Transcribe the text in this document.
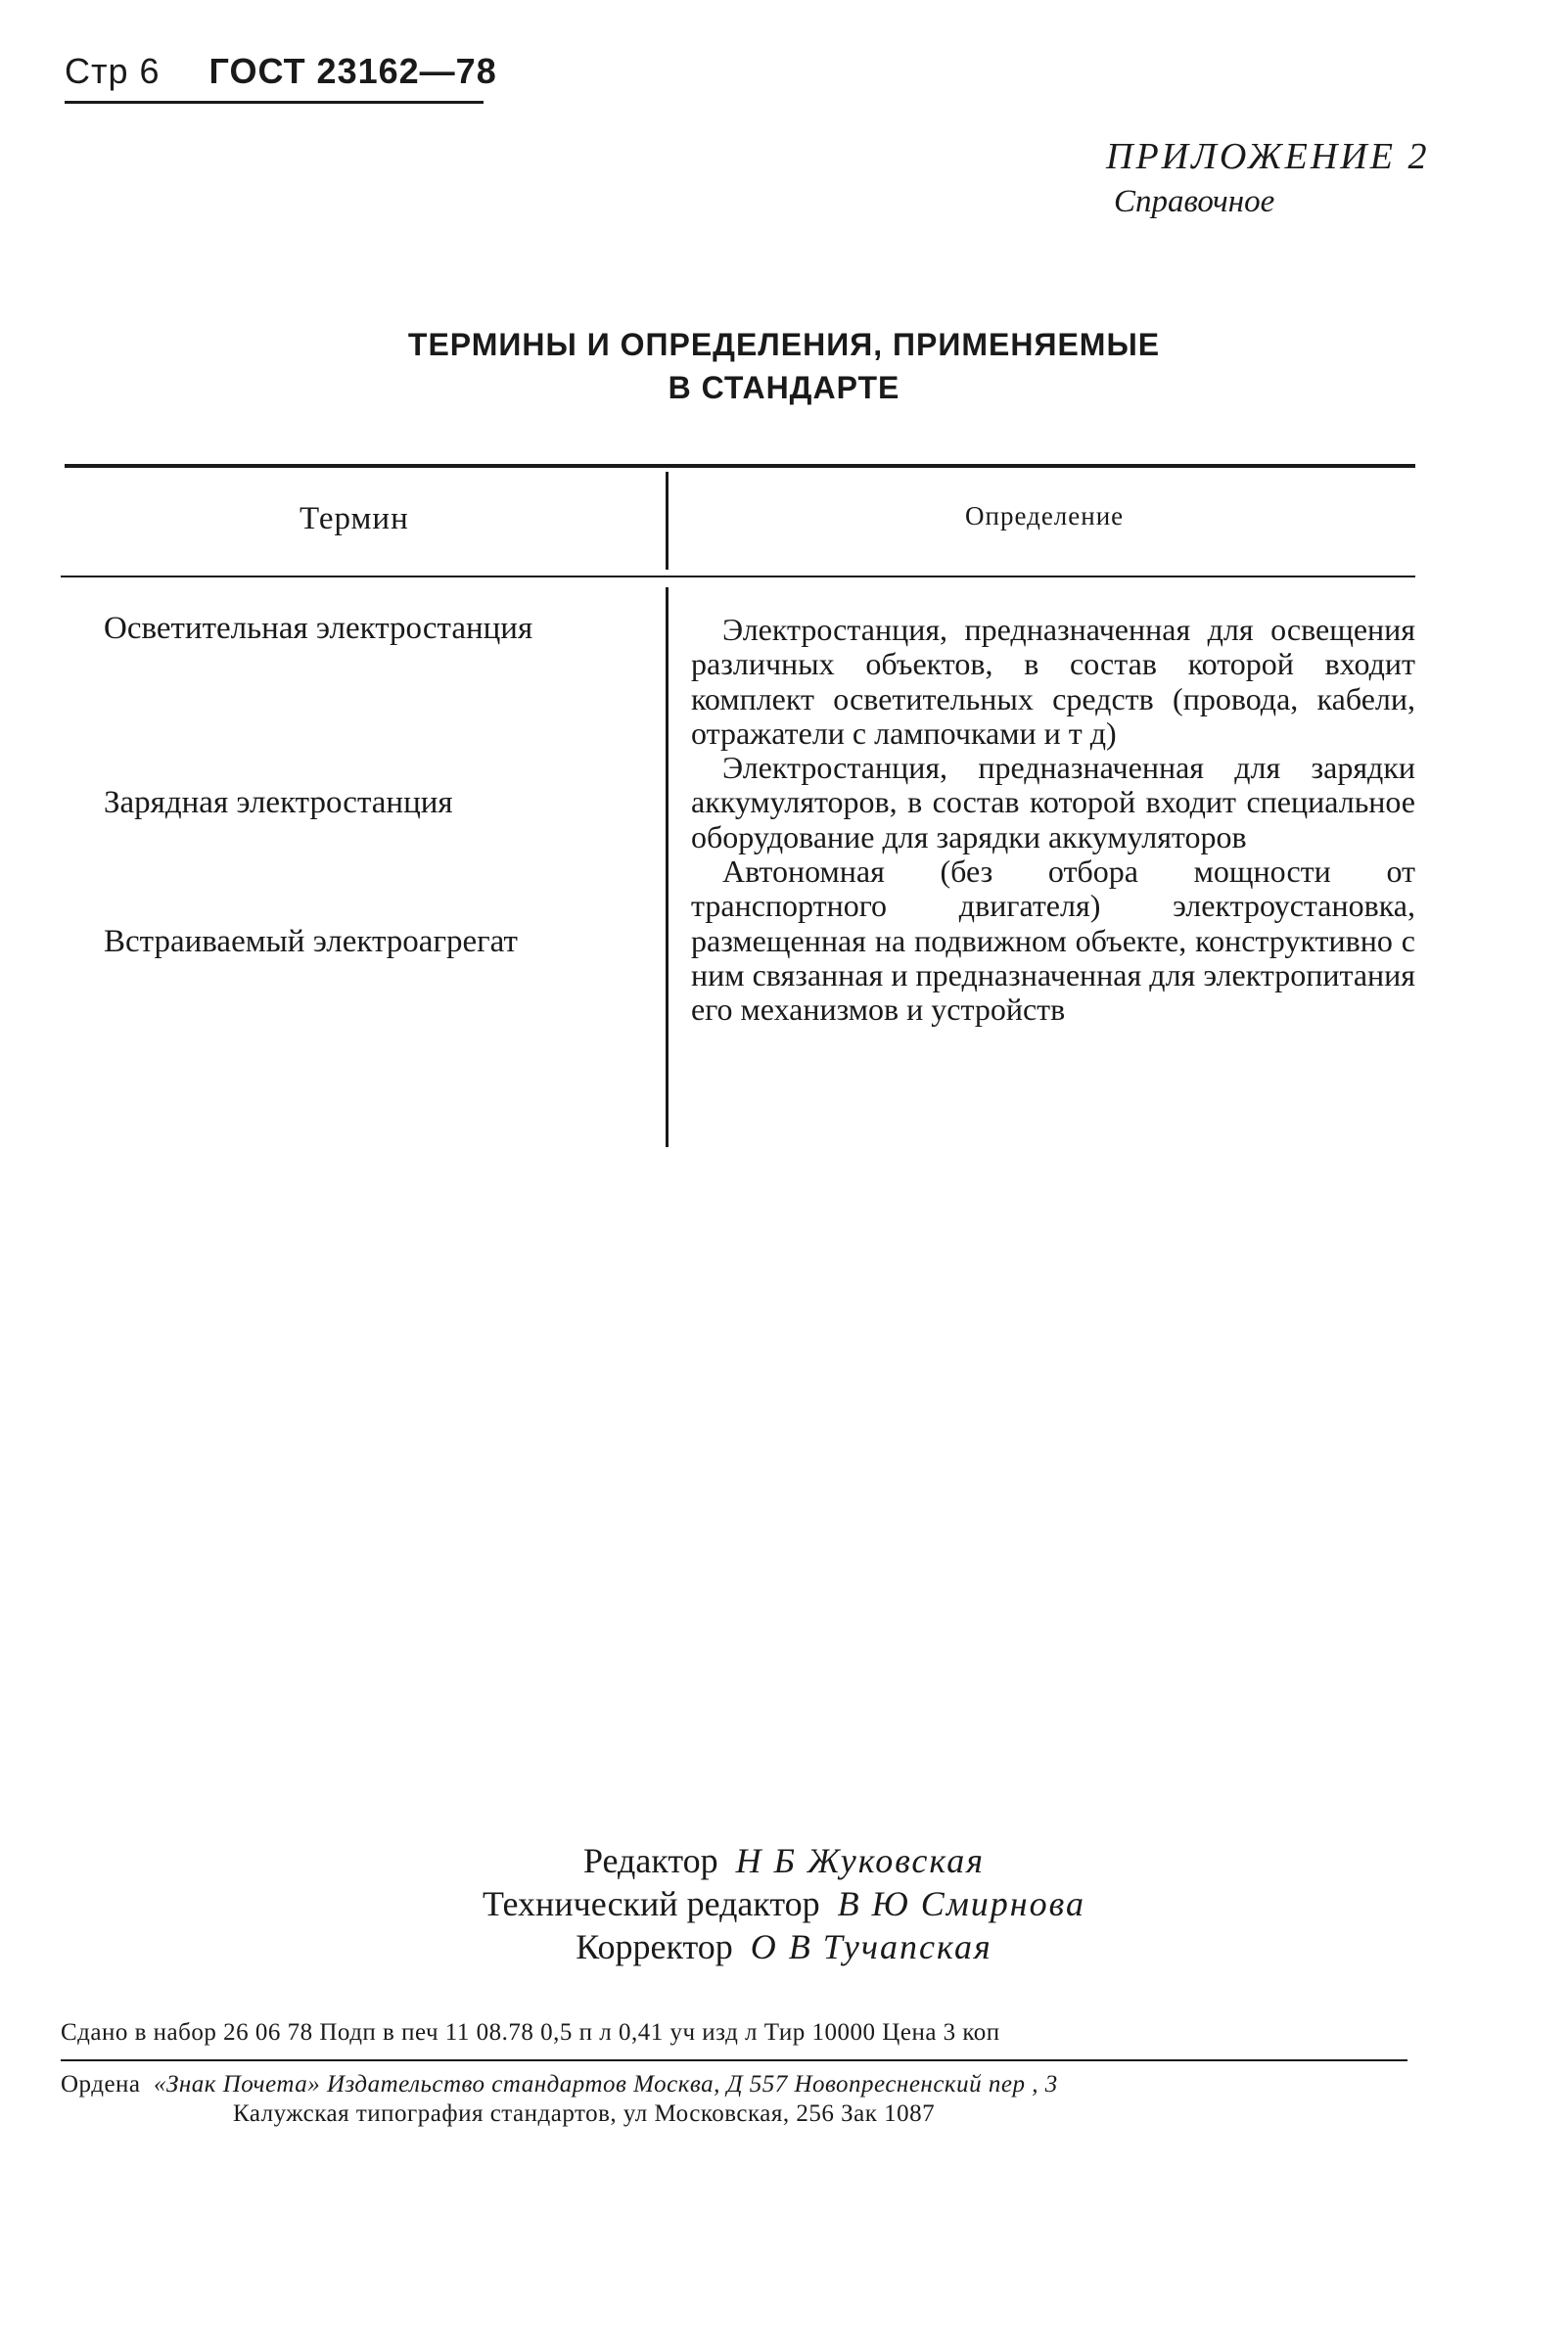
Стр 6 ГОСТ 23162—78
ПРИЛОЖЕНИЕ 2
Справочное
ТЕРМИНЫ И ОПРЕДЕЛЕНИЯ, ПРИМЕНЯЕМЫЕ
В СТАНДАРТЕ
Термин	Определение
Осветительная электростанция
Зарядная электростанция
Встраиваемый электроагрегат

Электростанция, предназначенная для освещения различных объектов, в состав которой входит комплект осветительных средств (провода, кабели, отражатели с лампочками и т д)

Электростанция, предназначенная для зарядки аккумуляторов, в состав которой входит специальное оборудование для зарядки аккумуляторов

Автономная (без отбора мощности от транспортного двигателя) электроустановка, размещенная на подвижном объекте, конструктивно с ним связанная и предназначенная для электропитания его механизмов и устройств

Редактор Н Б Жуковская
Технический редактор В Ю Смирнова
Корректор О В Тучапская
Сдано в набор 26 06 78 Подп в печ 11 08.78 0,5 п л 0,41 уч изд л Тир 10000 Цена 3 коп
Ордена «Знак Почета» Издательство стандартов Москва, Д 557 Новопресненский пер , 3
Калужская типография стандартов, ул Московская, 256 Зак 1087
